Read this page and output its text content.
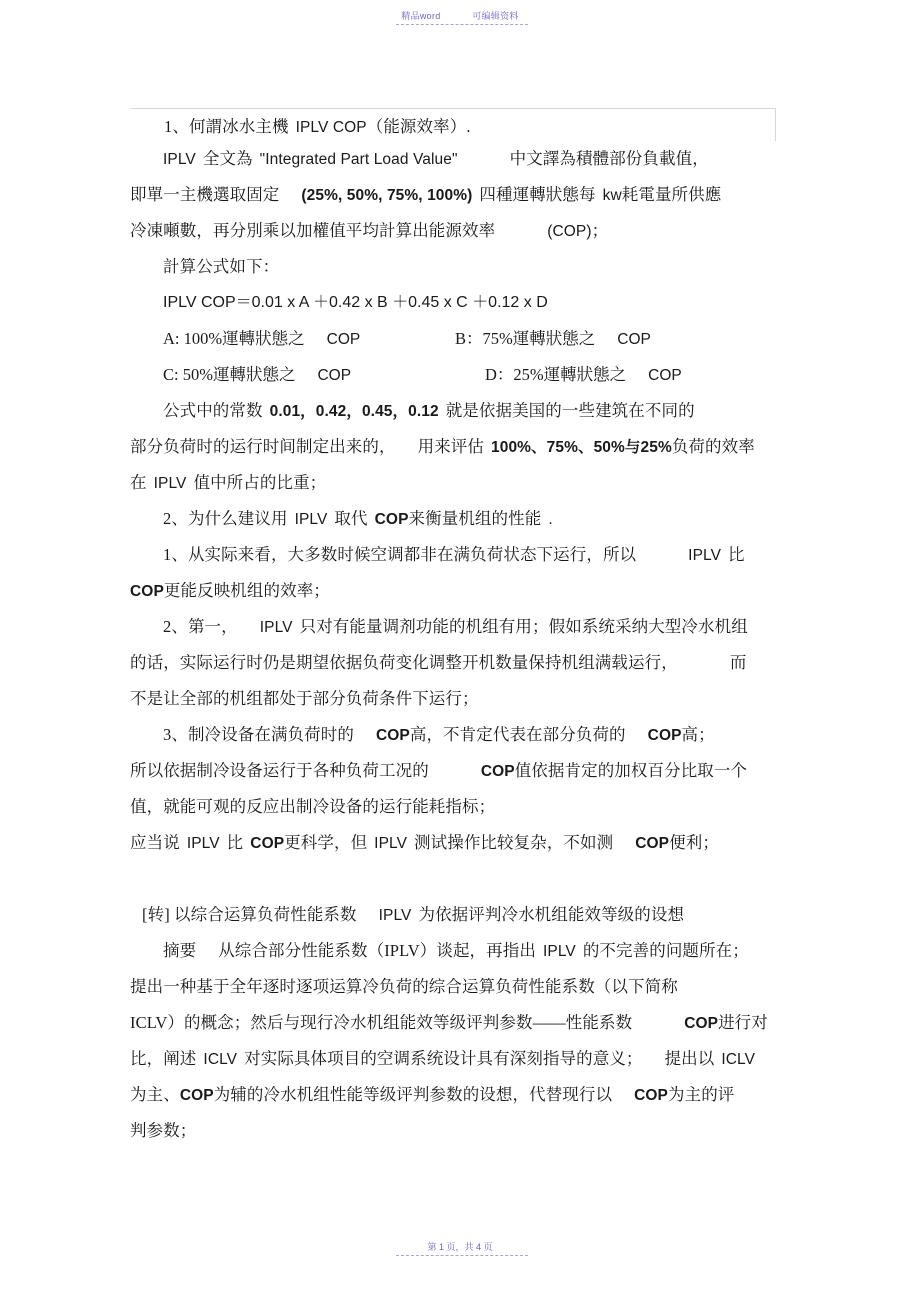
精品word	可编辑资料
1、何謂冰水主機 IPLV COP（能源效率）.
IPLV 全文為 "Integrated Part Load Value"	中文譯為積體部份負載值，
即單一主機選取固定 (25%, 50%, 75%, 100%) 四種運轉狀態每 kw耗電量所供應
冷凍噸數，再分別乘以加權值平均計算出能源效率	(COP)；
計算公式如下：
IPLV COP＝0.01 x A ＋0.42 x B ＋0.45 x C ＋0.12 x D
A: 100%運轉狀態之 COP	B：75%運轉狀態之 COP
C: 50%運轉狀態之 COP	D：25%運轉狀態之 COP
公式中的常数 0.01，0.42，0.45，0.12 就是依据美国的一些建筑在不同的
部分负荷时的运行时间制定出来的， 用来评估 100%、75%、50%与25%负荷的效率
在 IPLV 值中所占的比重；
2、为什么建议用 IPLV 取代 COP来衡量机组的性能 .
1、从实际来看，大多数时候空调都非在满负荷状态下运行，所以	IPLV 比
COP更能反映机组的效率；
2、第一， IPLV 只对有能量调剂功能的机组有用；假如系统采纳大型冷水机组
的话，实际运行时仍是期望依据负荷变化调整开机数量保持机组满载运行，	而
不是让全部的机组都处于部分负荷条件下运行；
3、制冷设备在满负荷时的 COP高，不肯定代表在部分负荷的 COP高；
所以依据制冷设备运行于各种负荷工况的	COP值依据肯定的加权百分比取一个
值，就能可观的反应出制冷设备的运行能耗指标；
应当说 IPLV 比 COP更科学，但 IPLV 测试操作比较复杂，不如测 COP便利；
[转] 以综合运算负荷性能系数 IPLV 为依据评判冷水机组能效等级的设想
摘要 从综合部分性能系数（IPLV）谈起，再指出 IPLV 的不完善的问题所在；
提出一种基于全年逐时逐项运算冷负荷的综合运算负荷性能系数（以下简称
ICLV）的概念；然后与现行冷水机组能效等级评判参数——性能系数	COP进行对
比，阐述 ICLV 对实际具体项目的空调系统设计具有深刻指导的意义； 提出以 ICLV
为主、COP为辅的冷水机组性能等级评判参数的设想，代替现行以 COP为主的评
判参数；
第 1 页，共 4 页
